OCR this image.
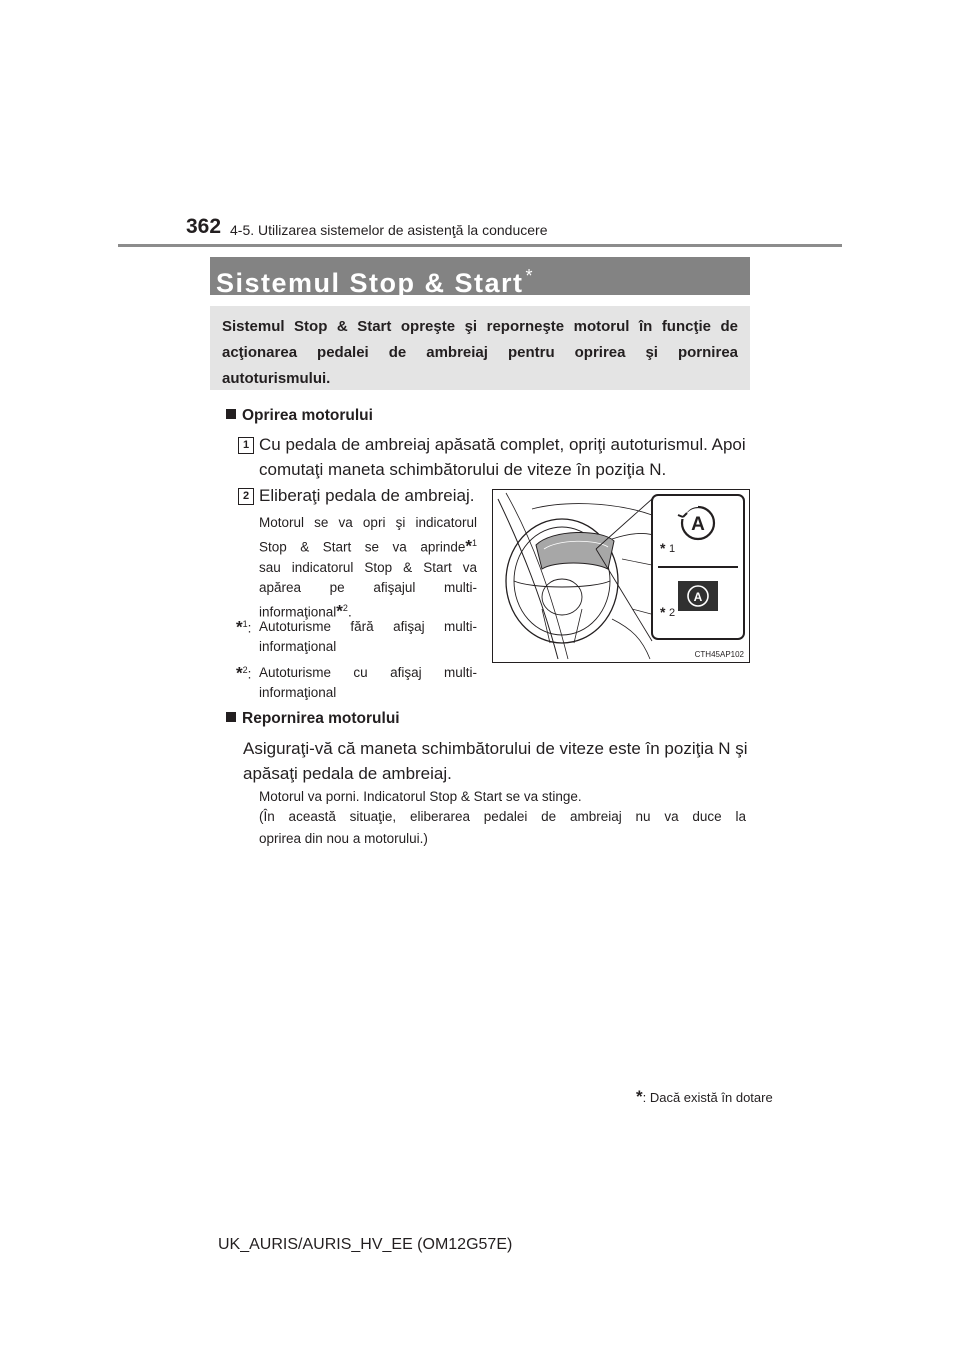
362 4-5. Utilizarea sistemelor de asistenţă la conducere
Sistemul Stop & Start *
Sistemul Stop & Start opreşte şi reporneşte motorul în funcţie de acţionarea pedalei de ambreiaj pentru oprirea şi pornirea autoturismului.
Oprirea motorului
1 Cu pedala de ambreiaj apăsată complet, opriţi autoturismul. Apoi
comutaţi maneta schimbătorului de viteze în poziţia N.
2 Eliberaţi pedala de ambreiaj.
Motorul se va opri şi indicatorul
Stop & Start se va aprinde*$^1$
sau indicatorul Stop & Start va
apărea pe afişajul multi-
informaţional*$^2$.
*$^1$: Autoturisme fără afişaj multi-
informaţional
*$^2$: Autoturisme cu afişaj multi-
informaţional
A
A
* 1
* 2
CTH45AP102
Repornirea motorului
Asiguraţi-vă că maneta schimbătorului de viteze este în poziţia N şi
apăsaţi pedala de ambreiaj.
Motorul va porni. Indicatorul Stop & Start se va stinge.
(În această situaţie, eliberarea pedalei de ambreiaj nu va duce la
oprirea din nou a motorului.)
*: Dacă există în dotare
UK_AURIS/AURIS_HV_EE (OM12G57E)
